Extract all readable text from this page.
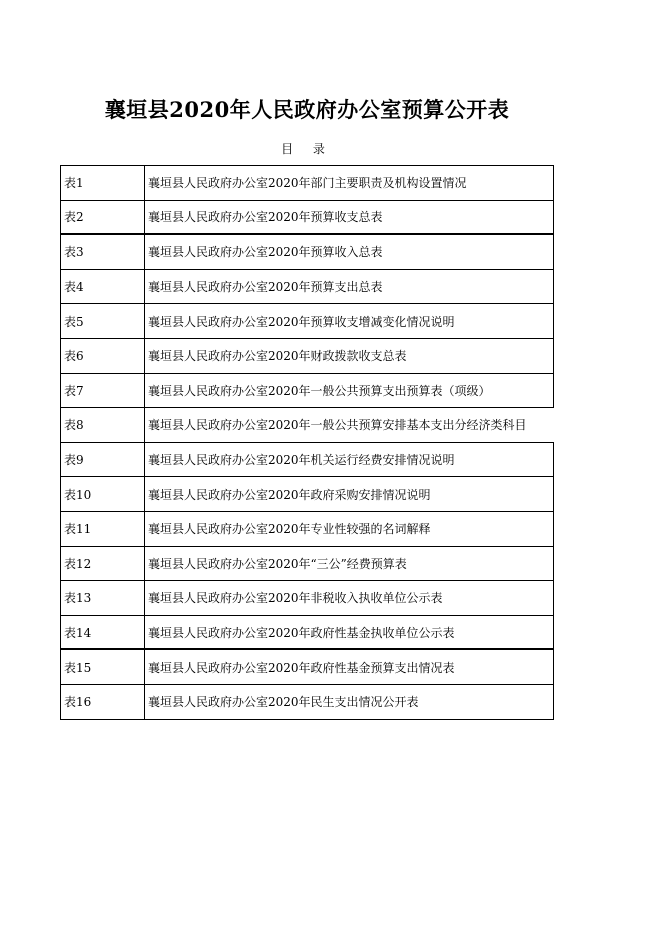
襄垣县2020年人民政府办公室预算公开表
目 录
表1	襄垣县人民政府办公室2020年部门主要职责及机构设置情况
表2	襄垣县人民政府办公室2020年预算收支总表
表3	襄垣县人民政府办公室2020年预算收入总表
表4	襄垣县人民政府办公室2020年预算支出总表
表5	襄垣县人民政府办公室2020年预算收支增减变化情况说明
表6	襄垣县人民政府办公室2020年财政拨款收支总表
表7	襄垣县人民政府办公室2020年一般公共预算支出预算表（项级）
表8	襄垣县人民政府办公室2020年一般公共预算安排基本支出分经济类科目
表9	襄垣县人民政府办公室2020年机关运行经费安排情况说明
表10	襄垣县人民政府办公室2020年政府采购安排情况说明
表11	襄垣县人民政府办公室2020年专业性较强的名词解释
表12	襄垣县人民政府办公室2020年“三公”经费预算表
表13	襄垣县人民政府办公室2020年非税收入执收单位公示表
表14	襄垣县人民政府办公室2020年政府性基金执收单位公示表
表15	襄垣县人民政府办公室2020年政府性基金预算支出情况表
表16	襄垣县人民政府办公室2020年民生支出情况公开表
